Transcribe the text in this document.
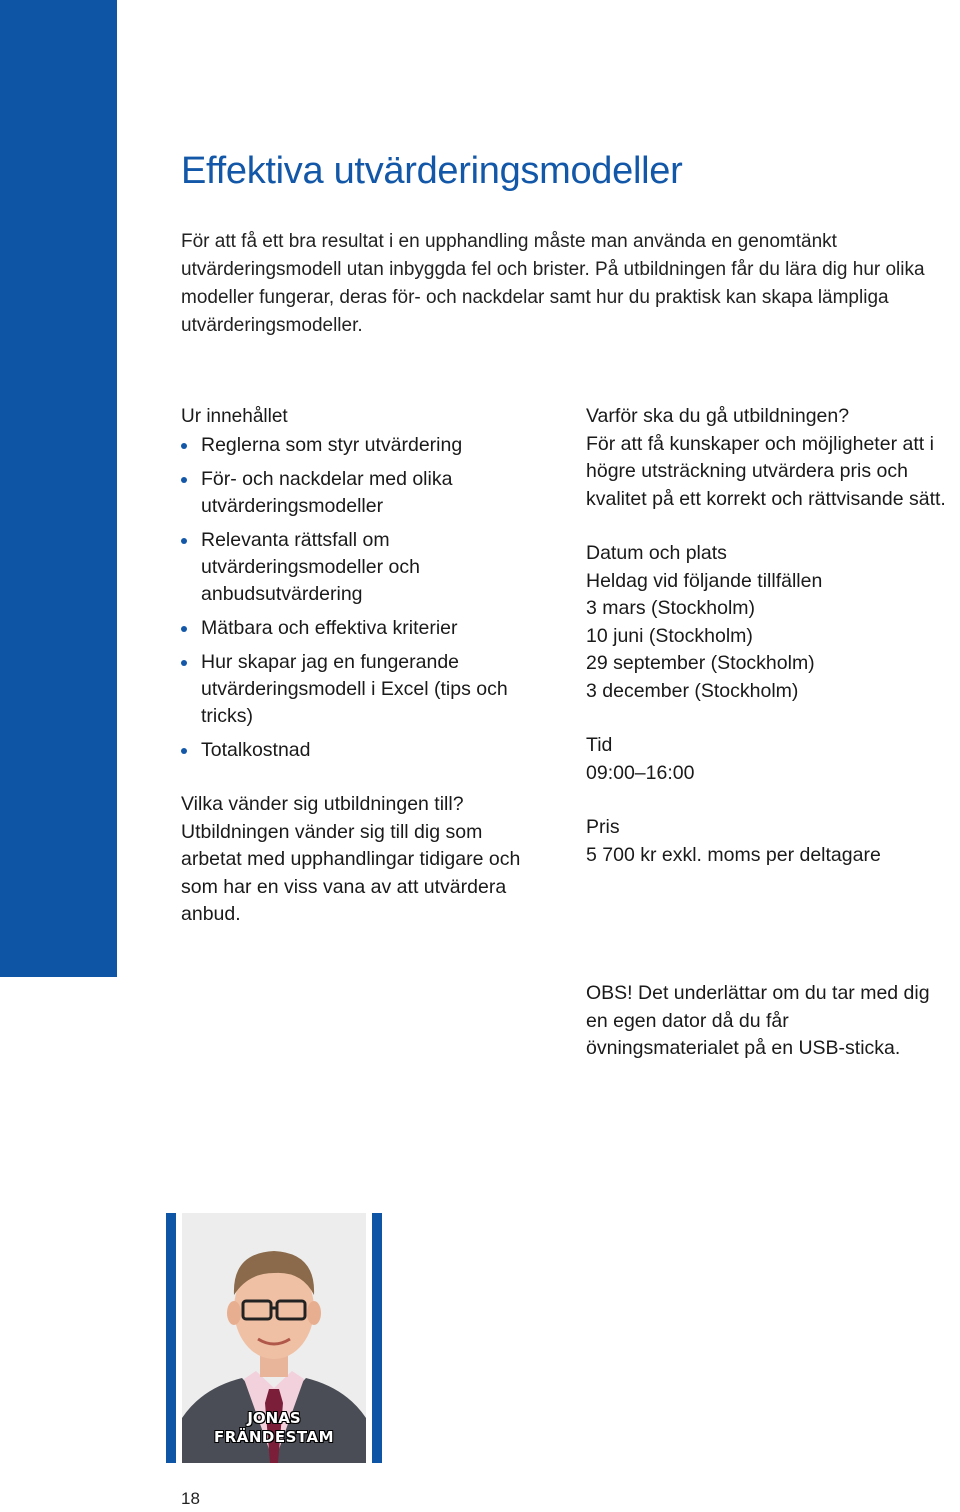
Effektiva utvärderingsmodeller

För att få ett bra resultat i en upphandling måste man använda en genomtänkt utvärderingsmodell utan inbyggda fel och brister. På utbildningen får du lära dig hur olika modeller fungerar, deras för- och nackdelar samt hur du praktisk kan skapa lämpliga utvärderingsmodeller.

Ur innehållet

Reglerna som styr utvärdering
För- och nackdelar med olika utvärderingsmodeller
Relevanta rättsfall om utvärderingsmodeller och anbudsutvärdering
Mätbara och effektiva kriterier
Hur skapar jag en fungerande utvärderingsmodell i Excel (tips och tricks)
Totalkostnad

Vilka vänder sig utbildningen till?

Utbildningen vänder sig till dig som arbetat med upphandlingar tidigare och som har en viss vana av att utvärdera anbud.

Varför ska du gå utbildningen?

För att få kunskaper och möjligheter att i högre utsträckning utvärdera pris och kvalitet på ett korrekt och rättvisande sätt.

Datum och plats
Heldag vid följande tillfällen
3 mars (Stockholm)
10 juni (Stockholm)
29 september (Stockholm)
3 december (Stockholm)
Tid
09:00–16:00
Pris
5 700 kr exkl. moms per deltagare
OBS! Det underlättar om du tar med dig en egen dator då du får övningsmaterialet på en USB-sticka.
JONAS
FRÄNDESTAM
18
